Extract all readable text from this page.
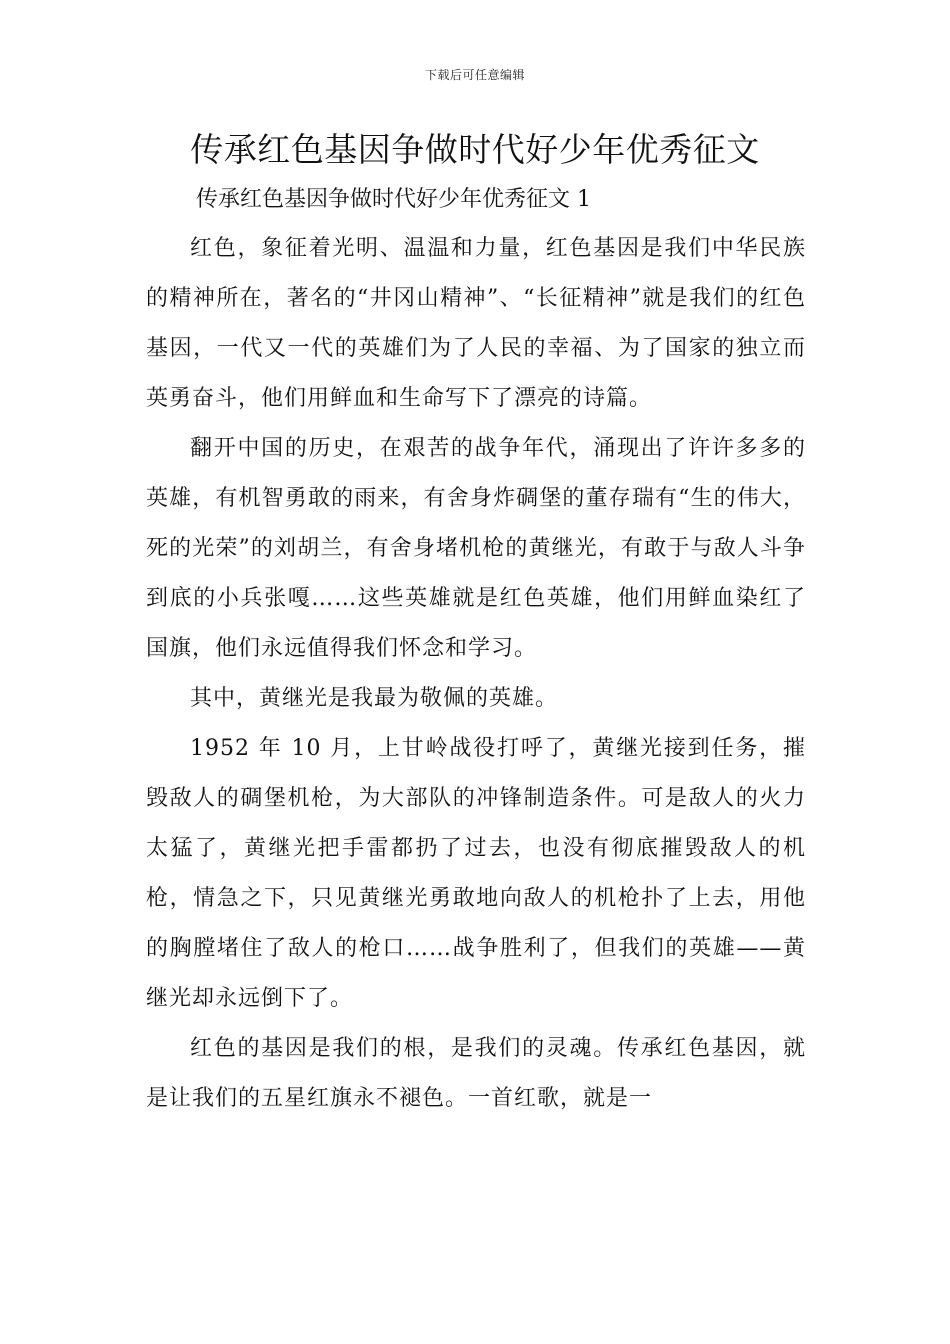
下载后可任意编辑
传承红色基因争做时代好少年优秀征文

传承红色基因争做时代好少年优秀征文 1

红色，象征着光明、温温和力量，红色基因是我们中华民族的精神所在，著名的“井冈山精神”、“长征精神”就是我们的红色基因，一代又一代的英雄们为了人民的幸福、为了国家的独立而英勇奋斗，他们用鲜血和生命写下了漂亮的诗篇。

翻开中国的历史，在艰苦的战争年代，涌现出了许许多多的英雄，有机智勇敢的雨来，有舍身炸碉堡的董存瑞有“生的伟大，死的光荣”的刘胡兰，有舍身堵机枪的黄继光，有敢于与敌人斗争到底的小兵张嘎……这些英雄就是红色英雄，他们用鲜血染红了国旗，他们永远值得我们怀念和学习。

其中，黄继光是我最为敬佩的英雄。

1952 年 10 月，上甘岭战役打呼了，黄继光接到任务，摧毁敌人的碉堡机枪，为大部队的冲锋制造条件。可是敌人的火力太猛了，黄继光把手雷都扔了过去，也没有彻底摧毁敌人的机枪，情急之下，只见黄继光勇敢地向敌人的机枪扑了上去，用他的胸膛堵住了敌人的枪口……战争胜利了，但我们的英雄——黄继光却永远倒下了。

红色的基因是我们的根，是我们的灵魂。传承红色基因，就是让我们的五星红旗永不褪色。一首红歌，就是一
